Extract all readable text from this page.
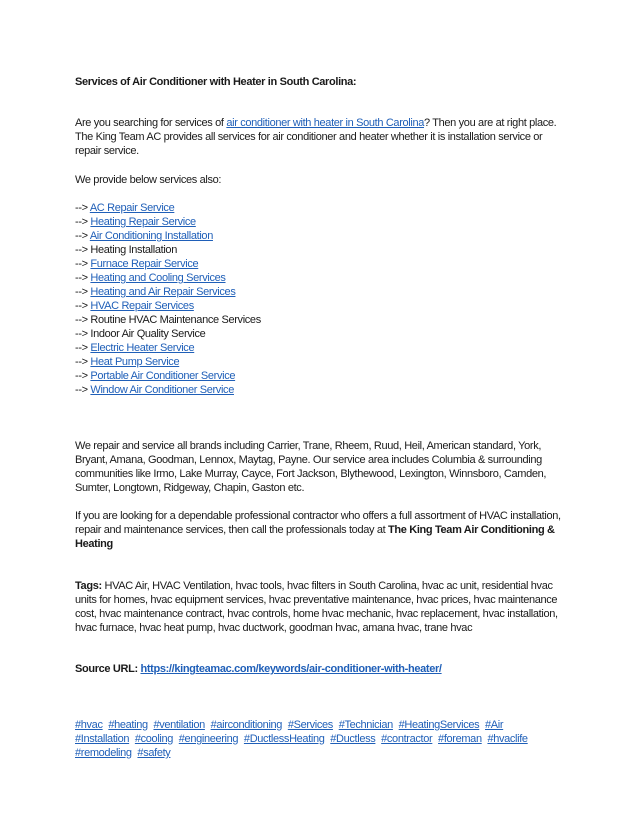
Services of Air Conditioner with Heater in South Carolina:
Are you searching for services of air conditioner with heater in South Carolina? Then you are at right place. The King Team AC provides all services for air conditioner and heater whether it is installation service or repair service.
We provide below services also:
--> AC Repair Service
--> Heating Repair Service
--> Air Conditioning Installation
--> Heating Installation
--> Furnace Repair Service
--> Heating and Cooling Services
--> Heating and Air Repair Services
--> HVAC Repair Services
--> Routine HVAC Maintenance Services
--> Indoor Air Quality Service
--> Electric Heater Service
--> Heat Pump Service
--> Portable Air Conditioner Service
--> Window Air Conditioner Service
We repair and service all brands including Carrier, Trane, Rheem, Ruud, Heil, American standard, York, Bryant, Amana, Goodman, Lennox, Maytag, Payne. Our service area includes Columbia & surrounding communities like Irmo, Lake Murray, Cayce, Fort Jackson, Blythewood, Lexington, Winnsboro, Camden, Sumter, Longtown, Ridgeway, Chapin, Gaston etc.
If you are looking for a dependable professional contractor who offers a full assortment of HVAC installation, repair and maintenance services, then call the professionals today at The King Team Air Conditioning & Heating
Tags: HVAC Air, HVAC Ventilation, hvac tools, hvac filters in South Carolina, hvac ac unit, residential hvac units for homes, hvac equipment services, hvac preventative maintenance, hvac prices, hvac maintenance cost, hvac maintenance contract, hvac controls, home hvac mechanic, hvac replacement, hvac installation, hvac furnace, hvac heat pump, hvac ductwork, goodman hvac, amana hvac, trane hvac
Source URL: https://kingteamac.com/keywords/air-conditioner-with-heater/
#hvac #heating #ventilation #airconditioning #Services #Technician #HeatingServices #Air #Installation #cooling #engineering #DuctlessHeating #Ductless #contractor #foreman #hvaclife #remodeling #safety
